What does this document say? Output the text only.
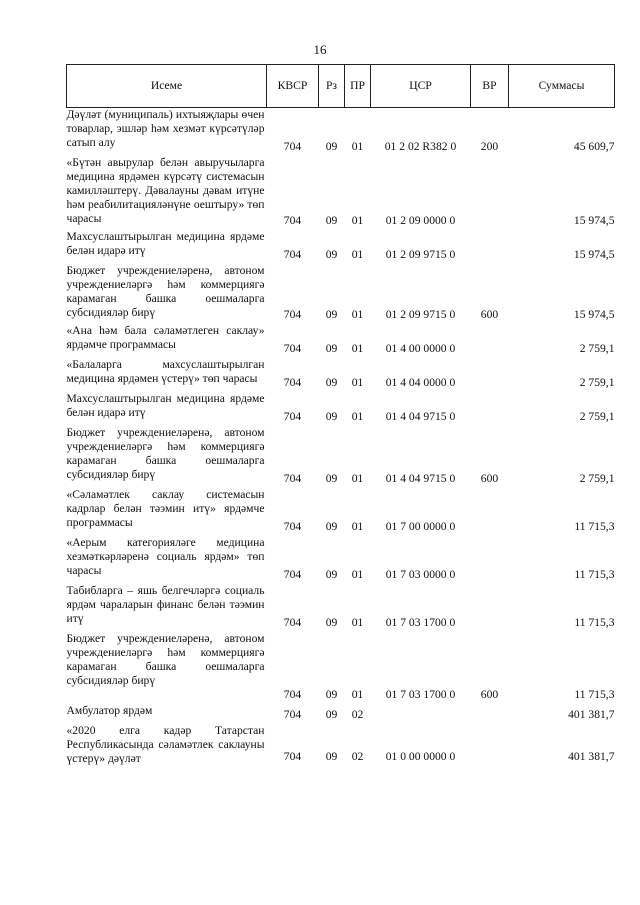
16
Исеме	КВСР	Рз	ПР	ЦСР	ВР	Суммасы
Дәүләт (муниципаль) ихтыяҗлары өчен товарлар, эшләр һәм хезмәт күрсәтүләр сатып алу	704	09	01	01 2 02 R382 0	200	45 609,7
«Бүтән авырулар белән авыручыларга медицина ярдәмен күрсәтү системасын камилләштерү. Дәвалауны дәвам итүне һәм реабилитацияләнүне оештыру» төп чарасы	704	09	01	01 2 09 0000 0		15 974,5
Махсуслаштырылган медицина ярдәме белән идарә итү	704	09	01	01 2 09 9715 0		15 974,5
Бюджет учреждениеләренә, автоном учреждениеләргә һәм коммерциягә карамаган башка оешмаларга субсидияләр бирү	704	09	01	01 2 09 9715 0	600	15 974,5
«Ана һәм бала сәламәтлеген саклау» ярдәмче программасы	704	09	01	01 4 00 0000 0		2 759,1
«Балаларга махсуслаштырылган медицина ярдәмен үстерү» төп чарасы	704	09	01	01 4 04 0000 0		2 759,1
Махсуслаштырылган медицина ярдәме белән идарә итү	704	09	01	01 4 04 9715 0		2 759,1
Бюджет учреждениеләренә, автоном учреждениеләргә һәм коммерциягә карамаган башка оешмаларга субсидияләр бирү	704	09	01	01 4 04 9715 0	600	2 759,1
«Сәламәтлек саклау системасын кадрлар белән тәэмин итү» ярдәмче программасы	704	09	01	01 7 00 0000 0		11 715,3
«Аерым категорияләге медицина хезмәткәрләренә социаль ярдәм» төп чарасы	704	09	01	01 7 03 0000 0		11 715,3
Табибларга – яшь белгечләргә социаль ярдәм чараларын финанс белән тәэмин итү	704	09	01	01 7 03 1700 0		11 715,3
Бюджет учреждениеләренә, автоном учреждениеләргә һәм коммерциягә карамаган башка оешмаларга субсидияләр бирү	704	09	01	01 7 03 1700 0	600	11 715,3
Амбулатор ярдәм	704	09	02			401 381,7
«2020 елга кадәр Татарстан Республикасында сәламәтлек саклауны үстерү» дәүләт	704	09	02	01 0 00 0000 0		401 381,7
